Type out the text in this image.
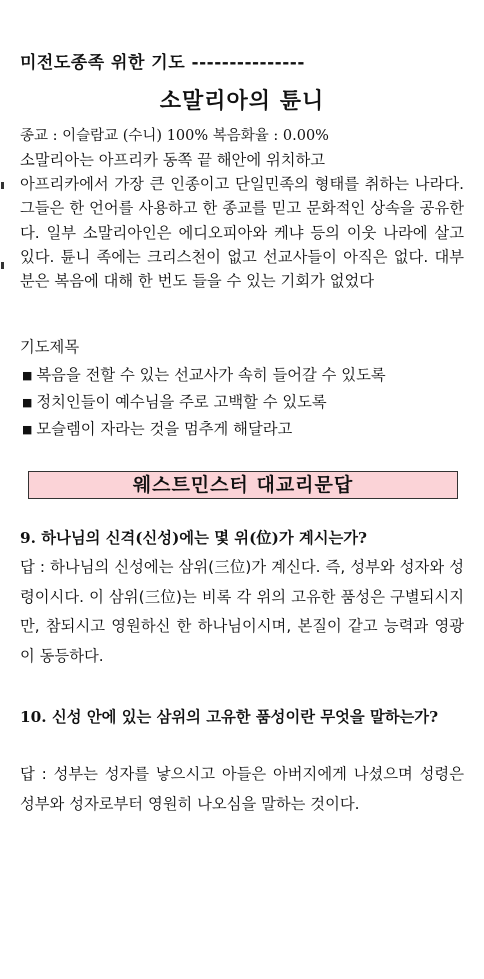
미전도종족 위한 기도 ---------------
소말리아의 튠니
종교 : 이슬람교 (수니) 100% 복음화율 : 0.00%

소말리아는 아프리카 동쪽 끝 해안에 위치하고

아프리카에서 가장 큰 인종이고 단일민족의 형태를 취하는 나라다. 그들은 한 언어를 사용하고 한 종교를 믿고 문화적인 상속을 공유한다. 일부 소말리아인은 에디오피아와 케냐 등의 이웃 나라에 살고 있다. 튠니 족에는 크리스천이 없고 선교사들이 아직은 없다. 대부분은 복음에 대해 한 번도 들을 수 있는 기회가 없었다

기도제목
■ 복음을 전할 수 있는 선교사가 속히 들어갈 수 있도록
■ 정치인들이 예수님을 주로 고백할 수 있도록
■ 모슬렘이 자라는 것을 멈추게 해달라고
웨스트민스터 대교리문답
9. 하나님의 신격(신성)에는 몇 위(位)가 계시는가?
답 : 하나님의 신성에는 삼위(三位)가 계신다. 즉, 성부와 성자와 성령이시다. 이 삼위(三位)는 비록 각 위의 고유한 품성은 구별되시지만, 참되시고 영원하신 한 하나님이시며, 본질이 같고 능력과 영광이 동등하다.
10. 신성 안에 있는 삼위의 고유한 품성이란 무엇을 말하는가?
답 : 성부는 성자를 낳으시고 아들은 아버지에게 나셨으며 성령은 성부와 성자로부터 영원히 나오심을 말하는 것이다.
